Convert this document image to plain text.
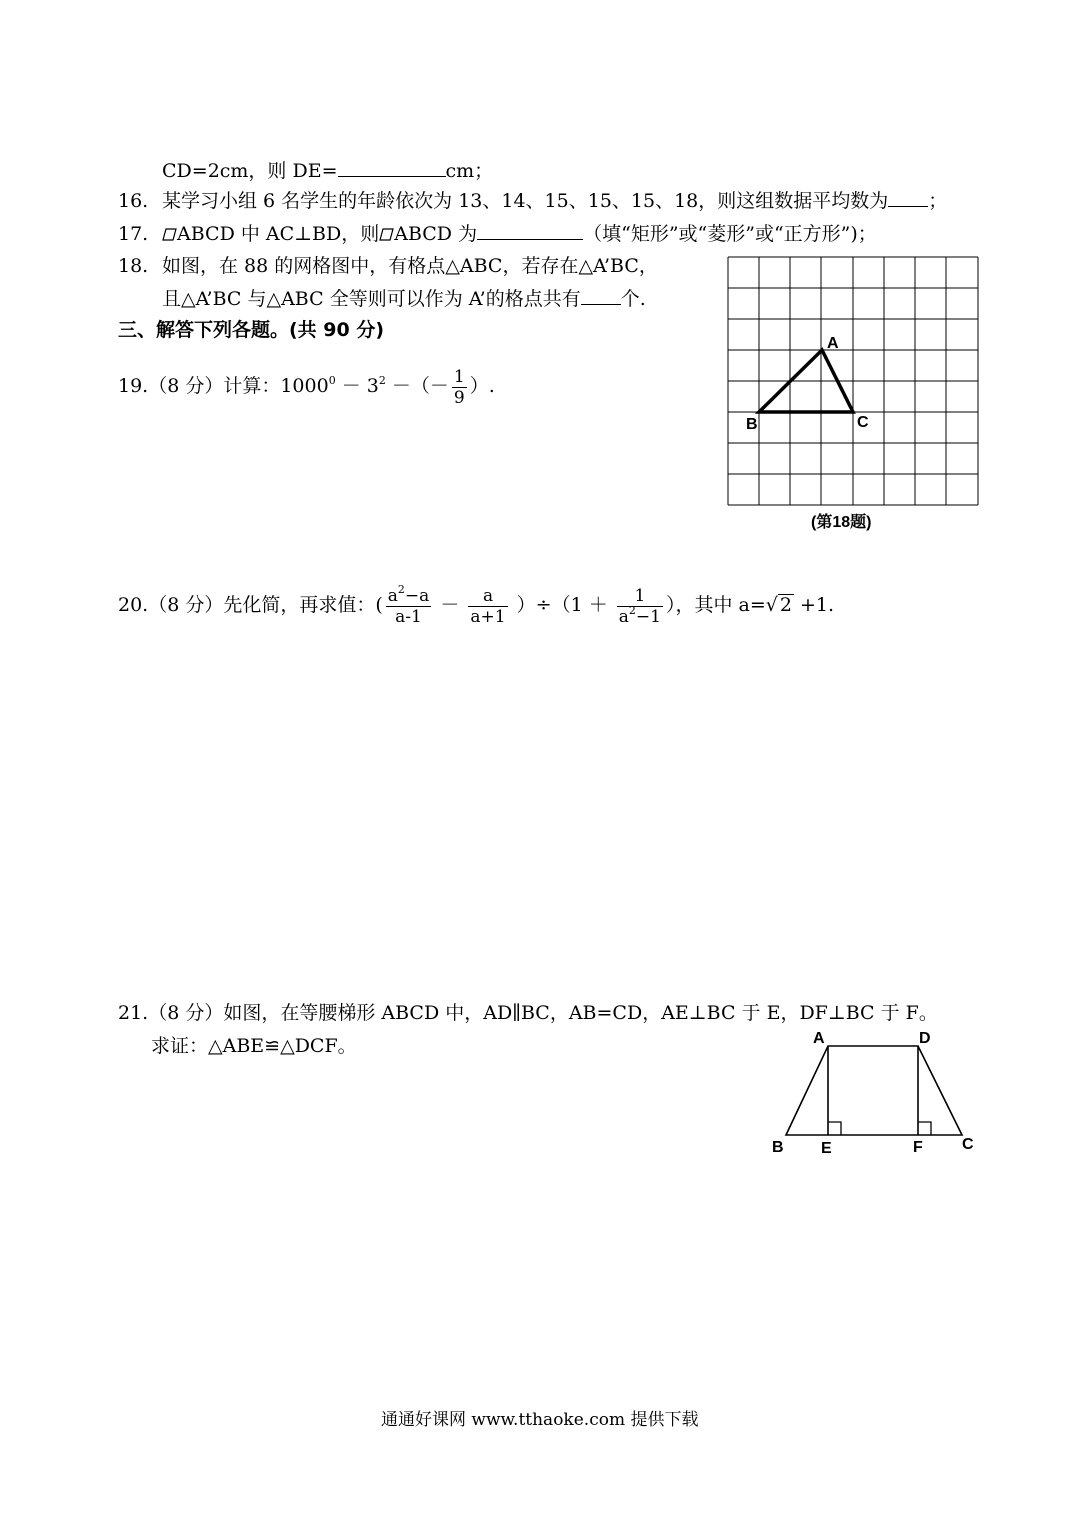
CD=2cm，则 DE=	cm；
16. 某学习小组 6 名学生的年龄依次为 13、14、15、15、15、18，则这组数据平均数为 ；
17. ABCD 中 AC⊥BD，则 ABCD 为	（填“矩形”或“菱形”或“正方形”)；
18. 如图，在 88 的网格图中，有格点△ABC，若存在△A’BC，
且△A’BC 与△ABC 全等则可以作为 A’的格点共有 个.
三、解答下列各题。(共 90 分)
19.（8 分）计算：$1000^0 - 3^2$ －（－ $\frac{1}{9}$ ）.
A
B	C
(第18题)
20.（8 分）先化简，再求值：( $\frac{a^2-a}{a-1} - \frac{a}{a+1} )\div(1 + \frac{1}{a^2-1}$ ），其中 a=√ 2 +1.
21.（8 分）如图，在等腰梯形 ABCD 中，AD∥BC，AB=CD，AE⊥BC 于 E，DF⊥BC 于 F。
求证：△ABE≌△DCF。	A	D
B E	F C
通通好课网 www.tthaoke.com 提供下载
